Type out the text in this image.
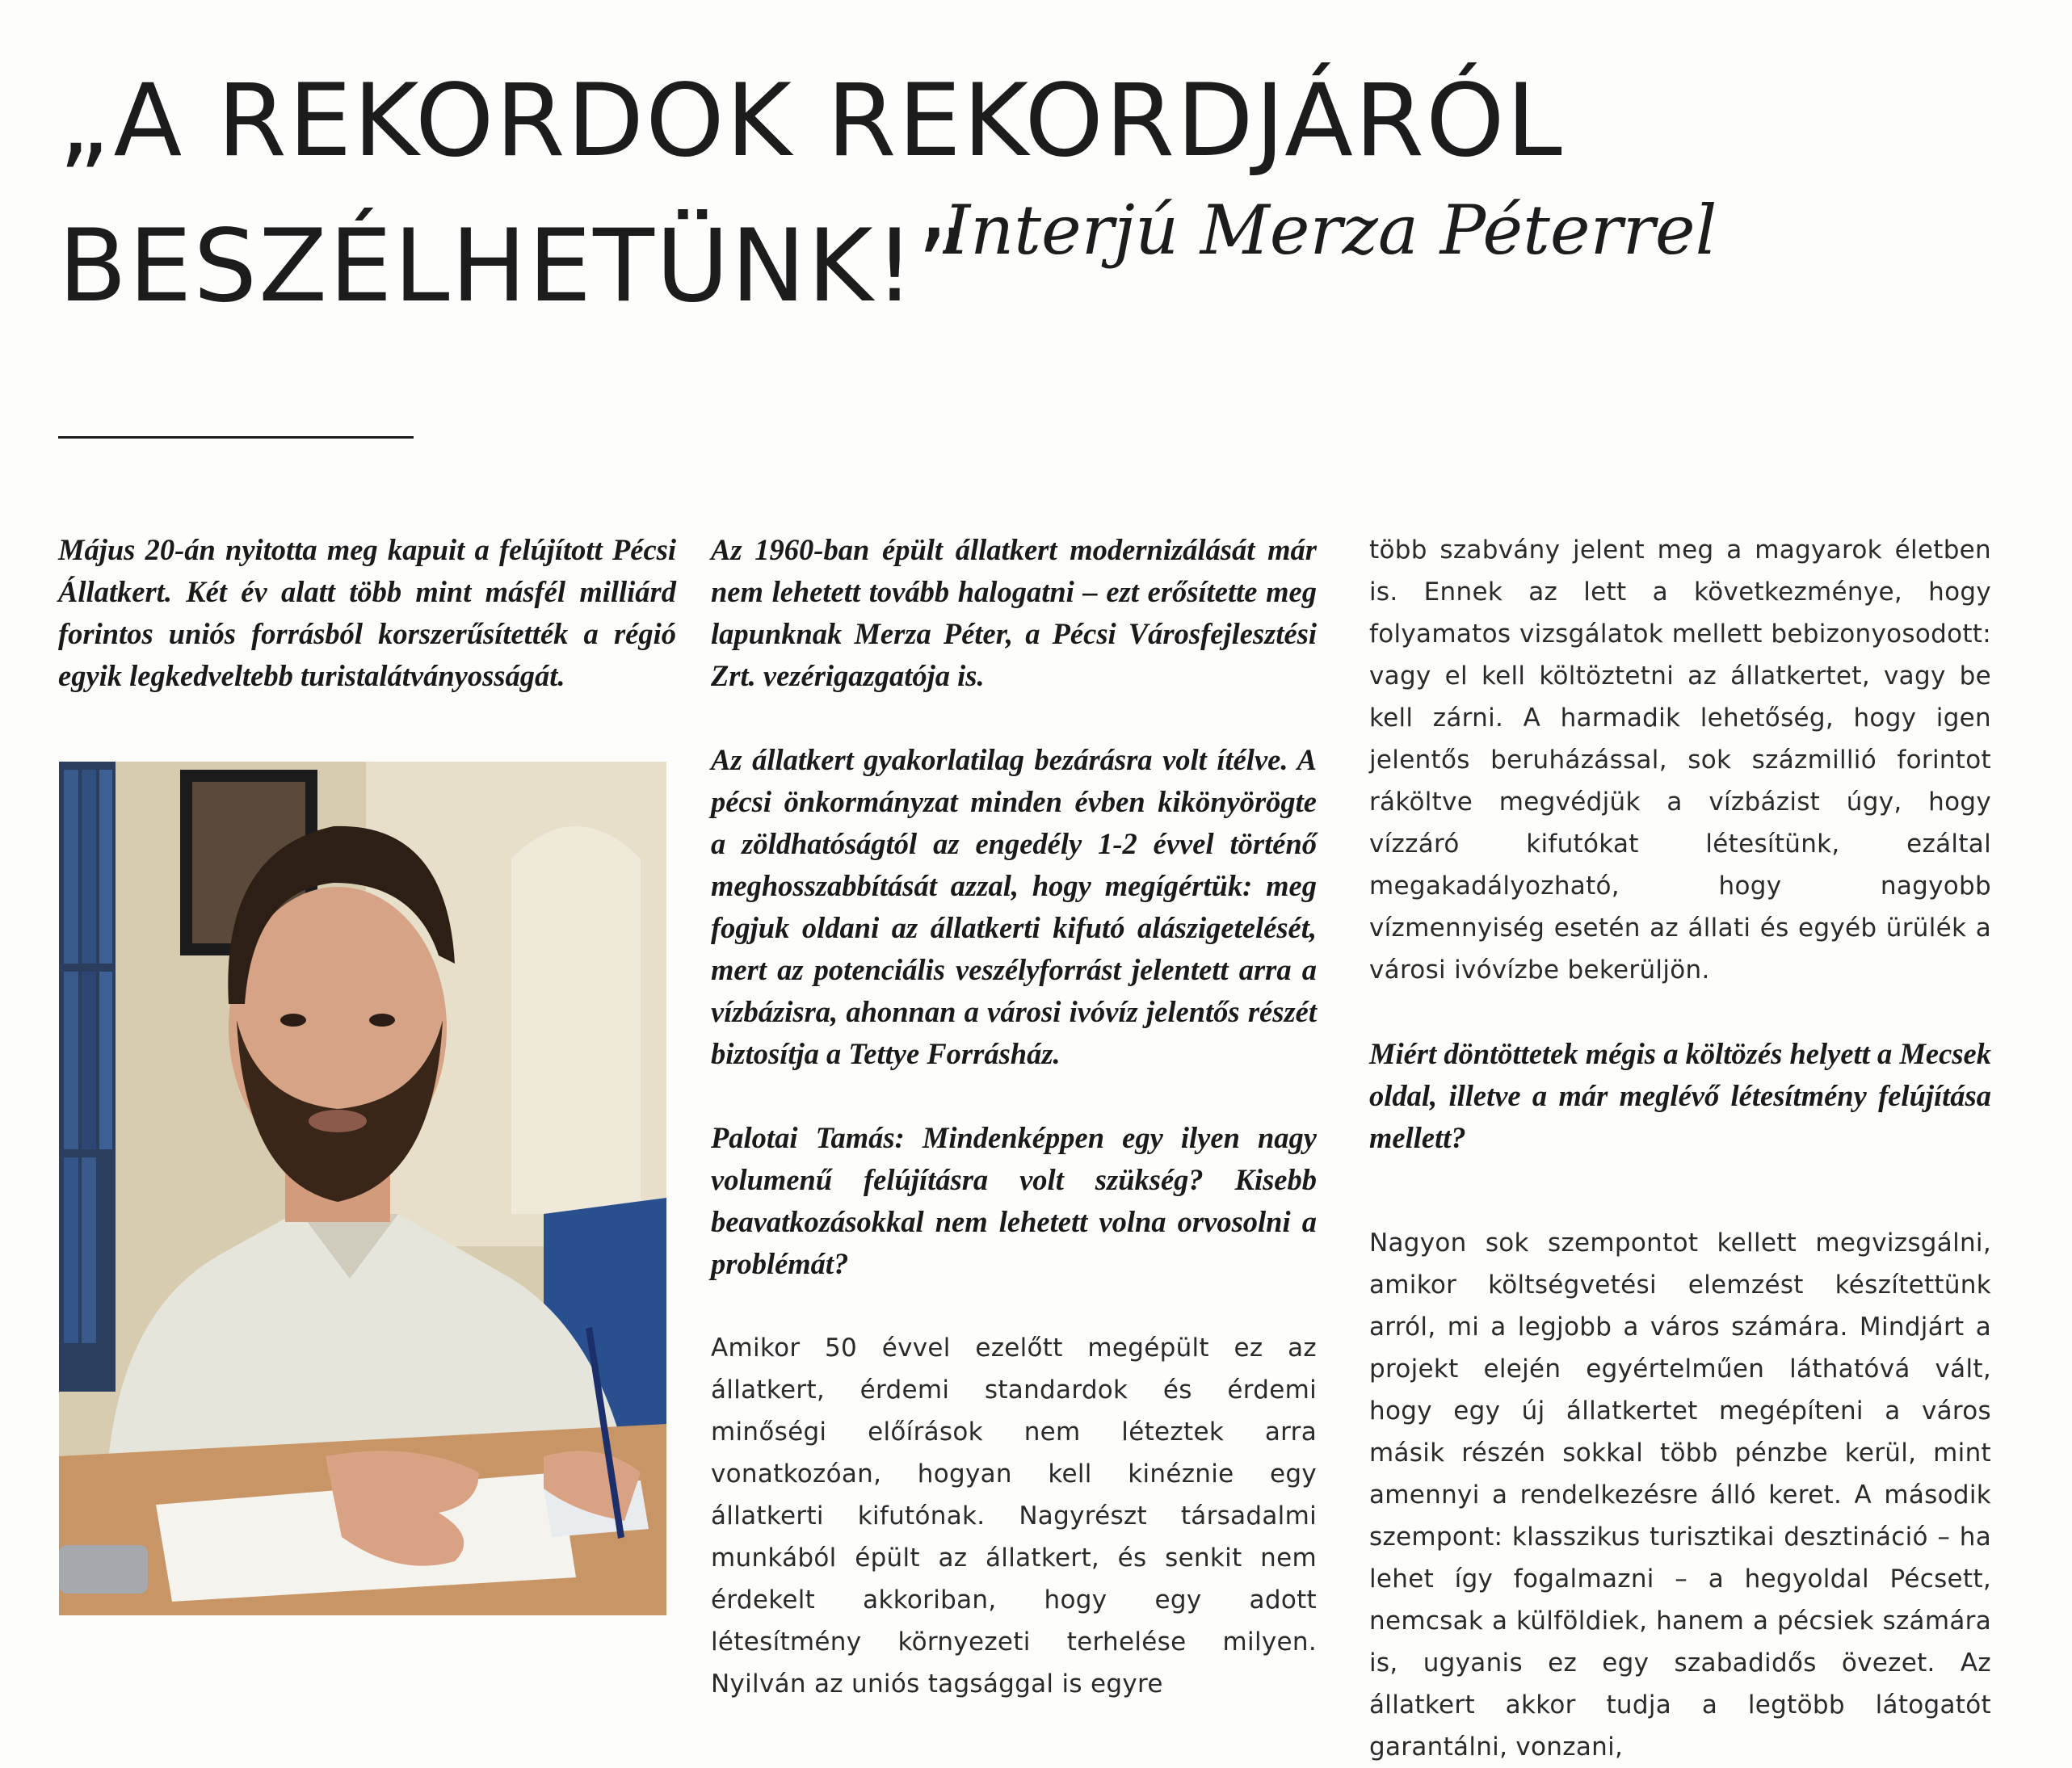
„A REKORDOK REKORDJÁRÓL
BESZÉLHETÜNK!”
Interjú Merza Péterrel

Május 20-án nyitotta meg kapuit a felújított Pécsi Állatkert. Két év alatt több mint másfél milliárd forintos uniós forrásból korszerűsítették a régió egyik legkedveltebb turistalátványosságát.

Az 1960-ban épült állatkert modernizálását már nem lehetett tovább halogatni – ezt erősítette meg lapunknak Merza Péter, a Pécsi Városfejlesztési Zrt. vezérigazgatója is.

Az állatkert gyakorlatilag bezárásra volt ítélve. A pécsi önkormányzat minden évben kikönyörögte a zöldhatóságtól az engedély 1-2 évvel történő meghosszabbítását azzal, hogy megígértük: meg fogjuk oldani az állatkerti kifutó alászigetelését, mert az potenciális veszélyforrást jelentett arra a vízbázisra, ahonnan a városi ivóvíz jelentős részét biztosítja a Tettye Forrásház.

Palotai Tamás: Mindenképpen egy ilyen nagy volumenű felújításra volt szükség? Kisebb beavatkozásokkal nem lehetett volna orvosolni a problémát?

Amikor 50 évvel ezelőtt megépült ez az állatkert, érdemi standardok és érdemi minőségi előírások nem léteztek arra vonatkozóan, hogyan kell kinéznie egy állatkerti kifutónak. Nagyrészt társadalmi munkából épült az állatkert, és senkit nem érdekelt akkoriban, hogy egy adott létesítmény környezeti terhelése milyen. Nyilván az uniós tagsággal is egyre

több szabvány jelent meg a magyarok életben is. Ennek az lett a következménye, hogy folyamatos vizsgálatok mellett bebizonyosodott: vagy el kell költöztetni az állatkertet, vagy be kell zárni. A harmadik lehetőség, hogy igen jelentős beruházással, sok százmillió forintot ráköltve megvédjük a vízbázist úgy, hogy vízzáró kifutókat létesítünk, ezáltal megakadályozható, hogy nagyobb vízmennyiség esetén az állati és egyéb ürülék a városi ivóvízbe bekerüljön.

Miért döntöttetek mégis a költözés helyett a Mecsek oldal, illetve a már meglévő létesítmény felújítása mellett?

Nagyon sok szempontot kellett megvizsgálni, amikor költségvetési elemzést készítettünk arról, mi a legjobb a város számára. Mindjárt a projekt elején egyértelműen láthatóvá vált, hogy egy új állatkertet megépíteni a város másik részén sokkal több pénzbe kerül, mint amennyi a rendelkezésre álló keret. A második szempont: klasszikus turisztikai desztináció – ha lehet így fogalmazni – a hegyoldal Pécsett, nemcsak a külföldiek, hanem a pécsiek számára is, ugyanis ez egy szabadidős övezet. Az állatkert akkor tudja a legtöbb látogatót garantálni, vonzani,
